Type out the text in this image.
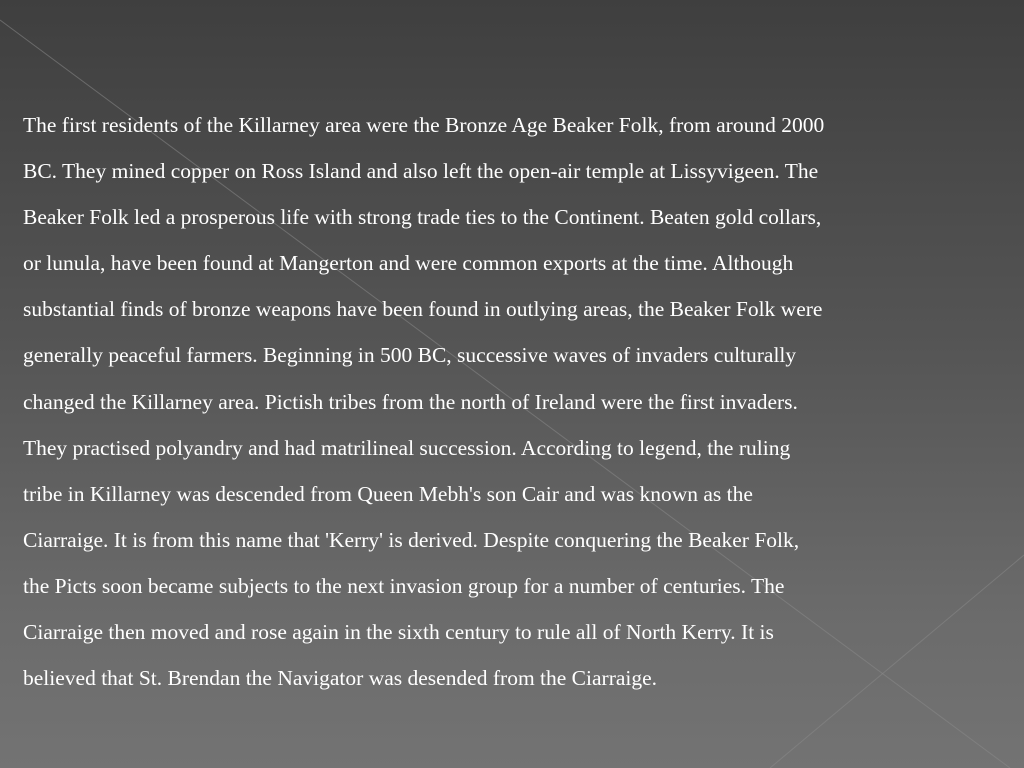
The first residents of the Killarney area were the Bronze Age Beaker Folk, from around 2000
BC. They mined copper on Ross Island and also left the open-air temple at Lissyvigeen. The
Beaker Folk led a prosperous life with strong trade ties to the Continent. Beaten gold collars,
or lunula, have been found at Mangerton and were common exports at the time. Although
substantial finds of bronze weapons have been found in outlying areas, the Beaker Folk were
generally peaceful farmers. Beginning in 500 BC, successive waves of invaders culturally
changed the Killarney area. Pictish tribes from the north of Ireland were the first invaders.
They practised polyandry and had matrilineal succession. According to legend, the ruling
tribe in Killarney was descended from Queen Mebh's son Cair and was known as the
Ciarraige. It is from this name that 'Kerry' is derived. Despite conquering the Beaker Folk,
the Picts soon became subjects to the next invasion group for a number of centuries. The
Ciarraige then moved and rose again in the sixth century to rule all of North Kerry. It is
believed that St. Brendan the Navigator was desended from the Ciarraige.
